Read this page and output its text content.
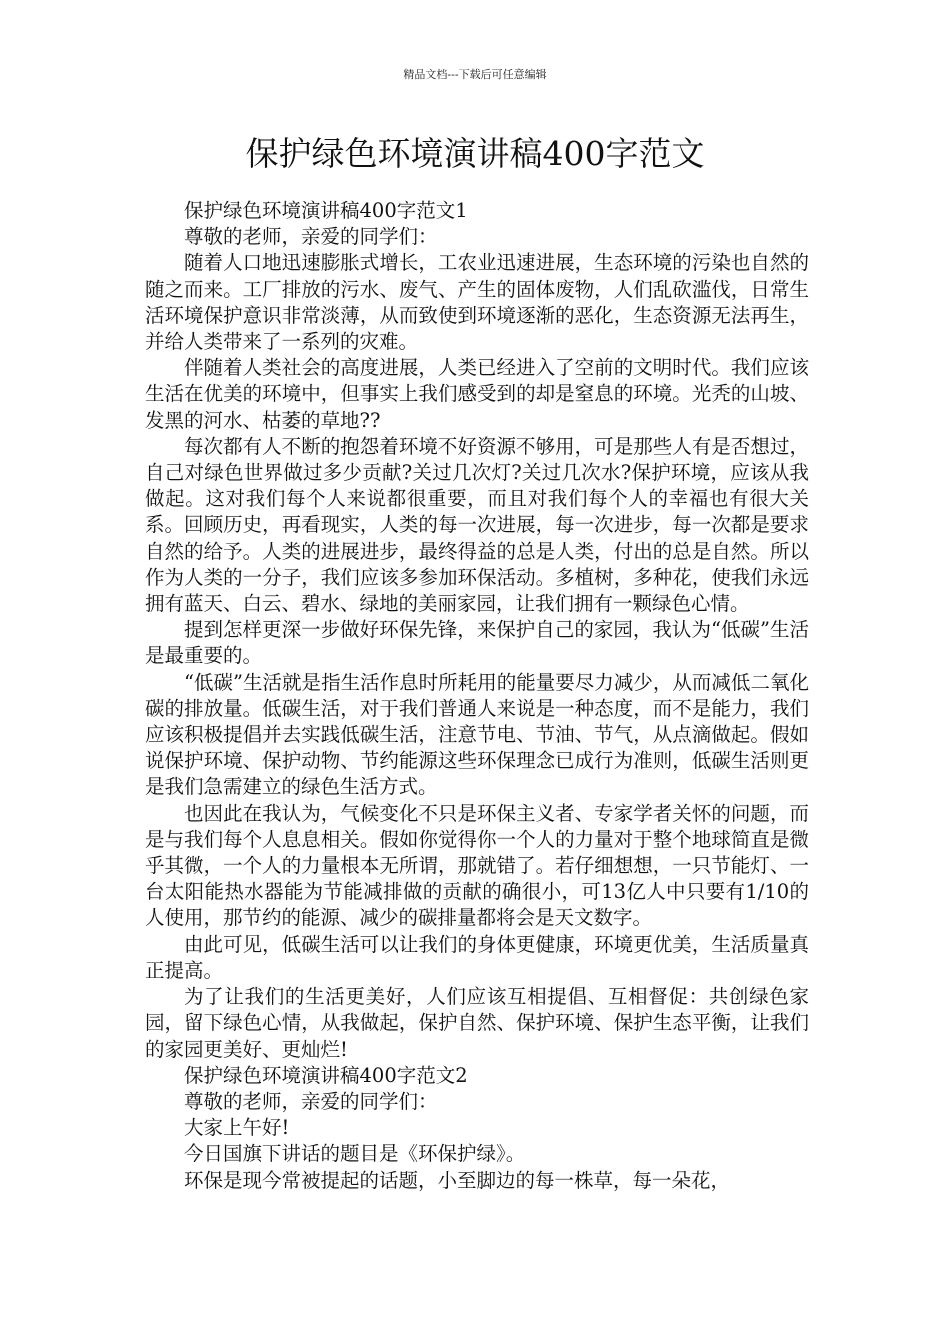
精品文档---下载后可任意编辑
保护绿色环境演讲稿400字范文

保护绿色环境演讲稿400字范文1

尊敬的老师，亲爱的同学们：

随着人口地迅速膨胀式增长，工农业迅速进展，生态环境的污染也自然的随之而来。工厂排放的污水、废气、产生的固体废物，人们乱砍滥伐，日常生活环境保护意识非常淡薄，从而致使到环境逐渐的恶化，生态资源无法再生，并给人类带来了一系列的灾难。

伴随着人类社会的高度进展，人类已经进入了空前的文明时代。我们应该生活在优美的环境中，但事实上我们感受到的却是窒息的环境。光秃的山坡、发黑的河水、枯萎的草地??

每次都有人不断的抱怨着环境不好资源不够用，可是那些人有是否想过，自己对绿色世界做过多少贡献?关过几次灯?关过几次水?保护环境，应该从我做起。这对我们每个人来说都很重要，而且对我们每个人的幸福也有很大关系。回顾历史，再看现实，人类的每一次进展，每一次进步，每一次都是要求自然的给予。人类的进展进步，最终得益的总是人类，付出的总是自然。所以作为人类的一分子，我们应该多参加环保活动。多植树，多种花，使我们永远拥有蓝天、白云、碧水、绿地的美丽家园，让我们拥有一颗绿色心情。

提到怎样更深一步做好环保先锋，来保护自己的家园，我认为“低碳”生活是最重要的。

“低碳”生活就是指生活作息时所耗用的能量要尽力减少，从而减低二氧化碳的排放量。低碳生活，对于我们普通人来说是一种态度，而不是能力，我们应该积极提倡并去实践低碳生活，注意节电、节油、节气，从点滴做起。假如说保护环境、保护动物、节约能源这些环保理念已成行为准则，低碳生活则更是我们急需建立的绿色生活方式。

也因此在我认为，气候变化不只是环保主义者、专家学者关怀的问题，而是与我们每个人息息相关。假如你觉得你一个人的力量对于整个地球简直是微乎其微，一个人的力量根本无所谓，那就错了。若仔细想想，一只节能灯、一台太阳能热水器能为节能减排做的贡献的确很小，可13亿人中只要有1/10的人使用，那节约的能源、减少的碳排量都将会是天文数字。

由此可见，低碳生活可以让我们的身体更健康，环境更优美，生活质量真正提高。

为了让我们的生活更美好，人们应该互相提倡、互相督促：共创绿色家园，留下绿色心情，从我做起，保护自然、保护环境、保护生态平衡，让我们的家园更美好、更灿烂!

保护绿色环境演讲稿400字范文2

尊敬的老师，亲爱的同学们：

大家上午好!

今日国旗下讲话的题目是《环保护绿》。

环保是现今常被提起的话题，小至脚边的每一株草，每一朵花，
